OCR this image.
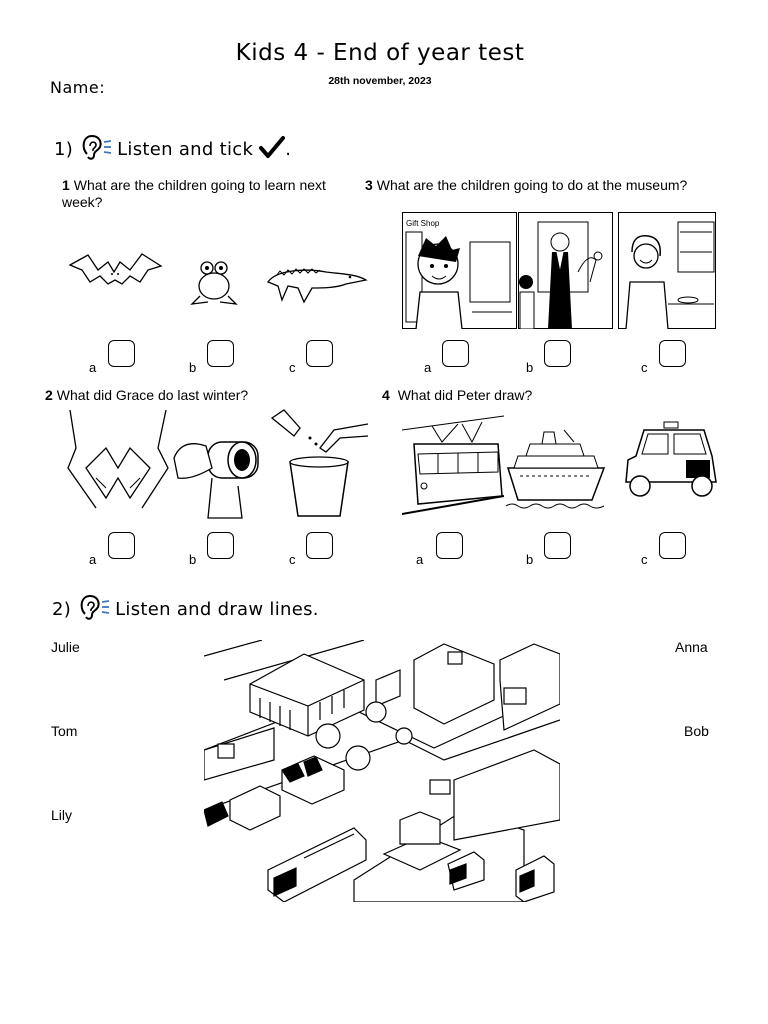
Kids 4 - End of year test
28th november, 2023
Name:
1) Listen and tick .
1 What are the children going to learn next week?
a	b	c
3 What are the children going to do at the museum?
Gift Shop
a	b	c
2 What did Grace do last winter?
a	b	c
4 What did Peter draw?
a	b	c
2) Listen and draw lines.
Julie
Tom
Lily
Anna
Bob
